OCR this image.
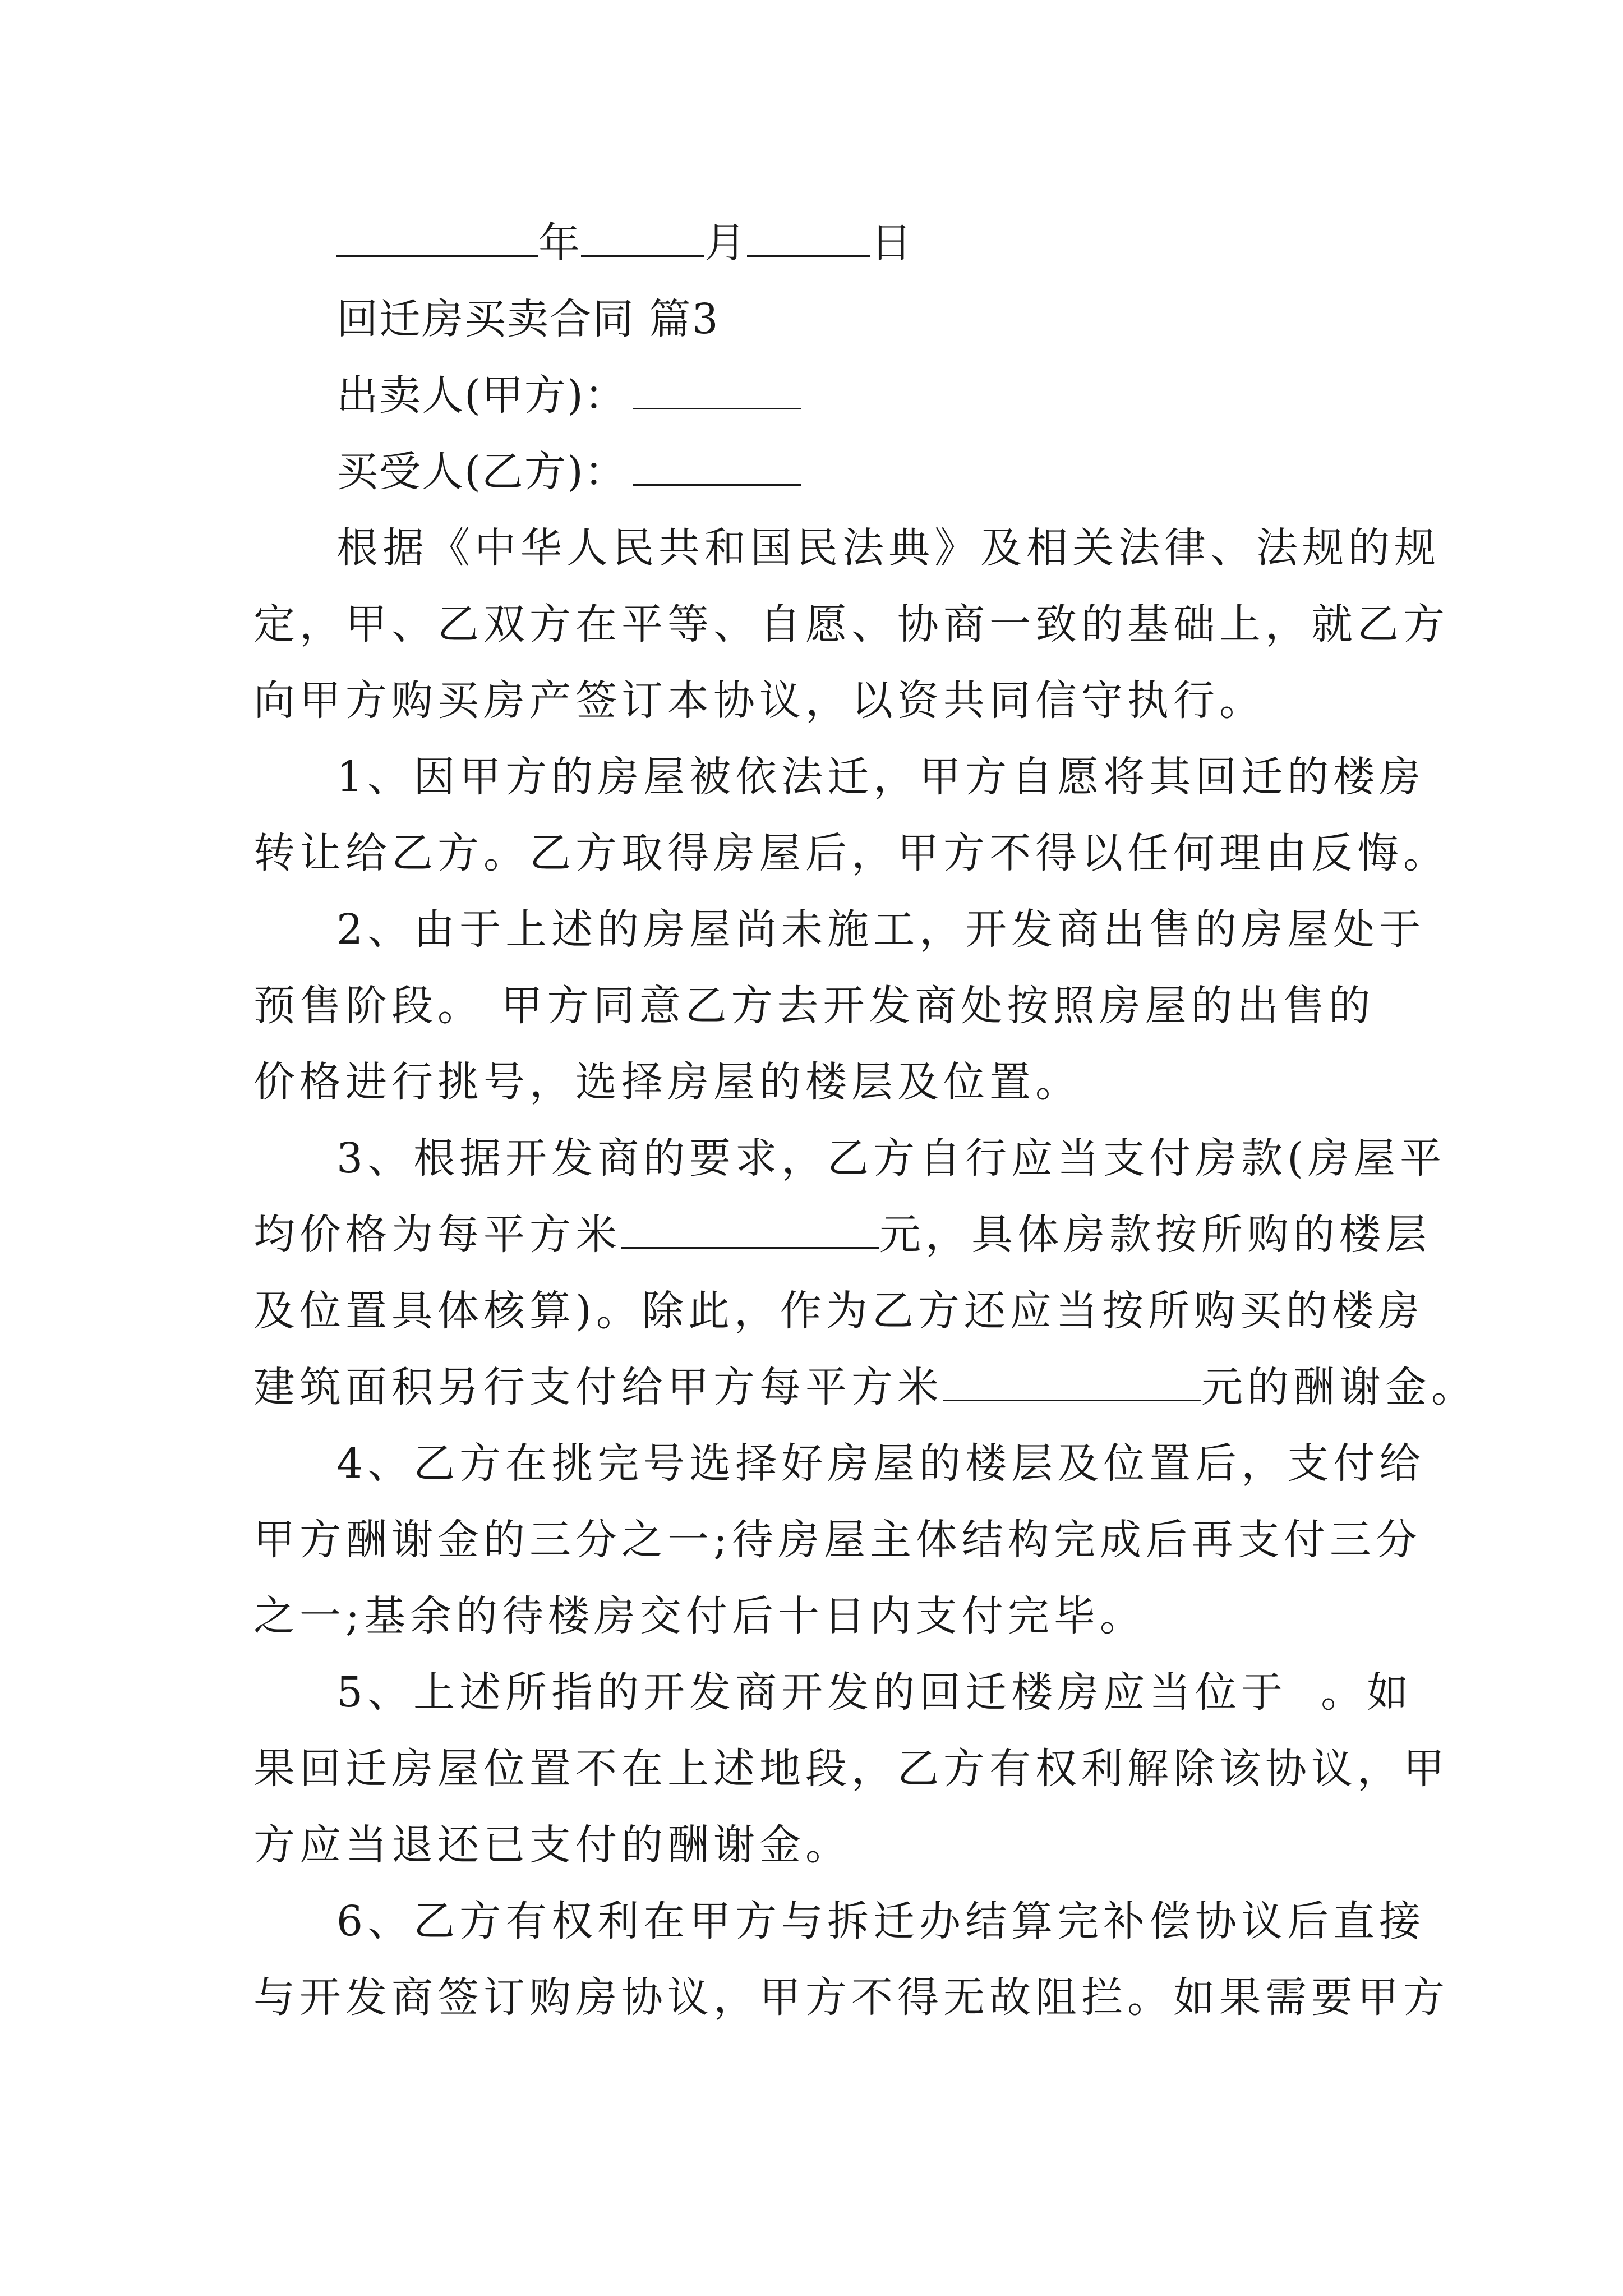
年	月	日
回迁房买卖合同 篇3
出卖人(甲方)：
买受人(乙方)：
根据《中华人民共和国民法典》及相关法律、法规的规
定，甲、乙双方在平等、自愿、协商一致的基础上，就乙方
向甲方购买房产签订本协议，以资共同信守执行。
1、因甲方的房屋被依法迁，甲方自愿将其回迁的楼房
转让给乙方。乙方取得房屋后，甲方不得以任何理由反悔。
2、由于上述的房屋尚未施工，开发商出售的房屋处于
预售阶段。 甲方同意乙方去开发商处按照房屋的出售的
价格进行挑号，选择房屋的楼层及位置。
3、根据开发商的要求，乙方自行应当支付房款(房屋平
均价格为每平方米	元，具体房款按所购的楼层
及位置具体核算)。除此，作为乙方还应当按所购买的楼房
建筑面积另行支付给甲方每平方米	元的酬谢金。
4、乙方在挑完号选择好房屋的楼层及位置后，支付给
甲方酬谢金的三分之一;待房屋主体结构完成后再支付三分
之一;基余的待楼房交付后十日内支付完毕。
5、上述所指的开发商开发的回迁楼房应当位于 。如
果回迁房屋位置不在上述地段，乙方有权利解除该协议，甲
方应当退还已支付的酬谢金。
6、乙方有权利在甲方与拆迁办结算完补偿协议后直接
与开发商签订购房协议，甲方不得无故阻拦。如果需要甲方
